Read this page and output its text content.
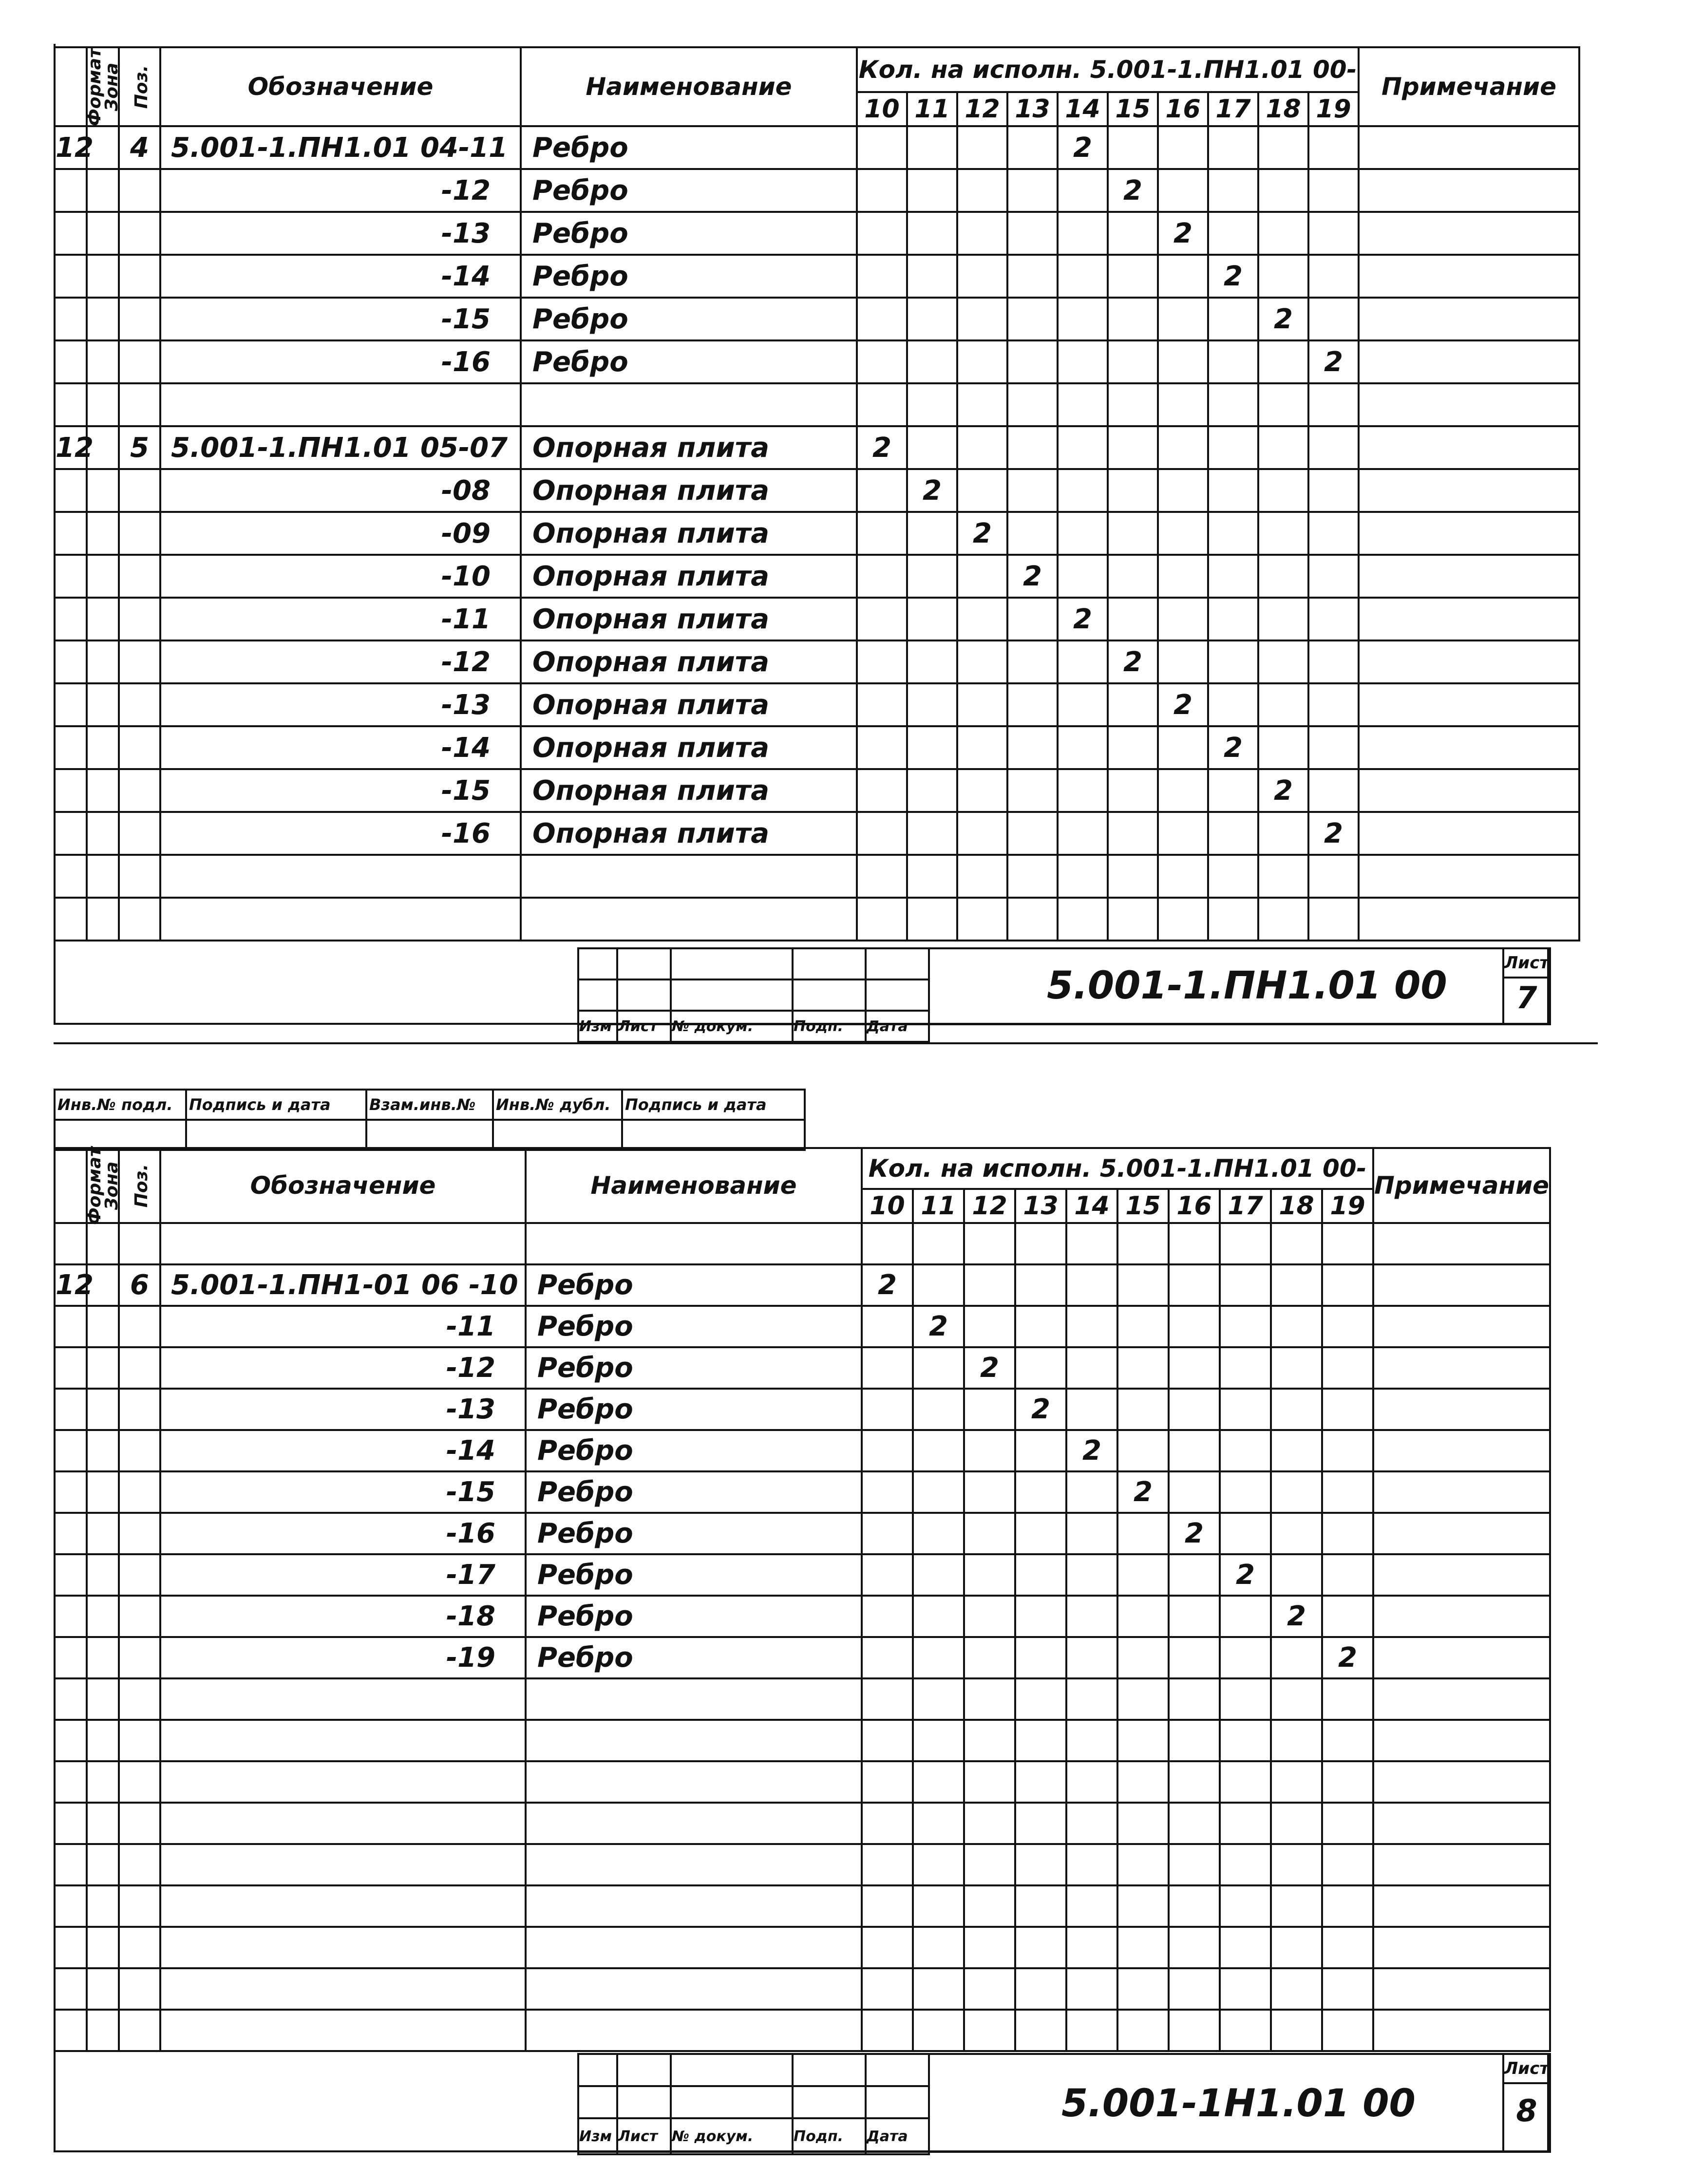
Формат	Зона	Поз.	Обозначение	Наименование	Кол. на исполн. 5.001-1.ПН1.01 00-										Примечание
					10	11	12	13	14	15	16	17	18	19	
12		4	5.001-1.ПН1.01 04-11	Ребро					2						
			-12	Ребро						2					
			-13	Ребро							2				
			-14	Ребро								2			
			-15	Ребро									2		
			-16	Ребро										2	

12		5	5.001-1.ПН1.01 05-07	Опорная плита	2										
			-08	Опорная плита		2									
			-09	Опорная плита			2								
			-10	Опорная плита				2							
			-11	Опорная плита					2						
			-12	Опорная плита						2					
			-13	Опорная плита							2				
			-14	Опорная плита								2			
			-15	Опорная плита									2		
			-16	Опорная плита										2	

Изм	Лист	№ докум.	Подп.	Дата
5.001-1.ПН1.01 00
Лист
7
Инв.№ подл.	Подпись и дата	Взам.инв.№	Инв.№ дубл.	Подпись и дата

Формат	Зона	Поз.	Обозначение	Наименование	Кол. на исполн. 5.001-1.ПН1.01 00-										Примечание
					10	11	12	13	14	15	16	17	18	19	

12		6	5.001-1.ПН1-01 06 -10	Ребро	2										
			-11	Ребро		2									
			-12	Ребро			2								
			-13	Ребро				2							
			-14	Ребро					2						
			-15	Ребро						2					
			-16	Ребро							2				
			-17	Ребро								2			
			-18	Ребро									2		
			-19	Ребро										2	

Изм	Лист	№ докум.	Подп.	Дата
5.001-1Н1.01 00
Лист
8
